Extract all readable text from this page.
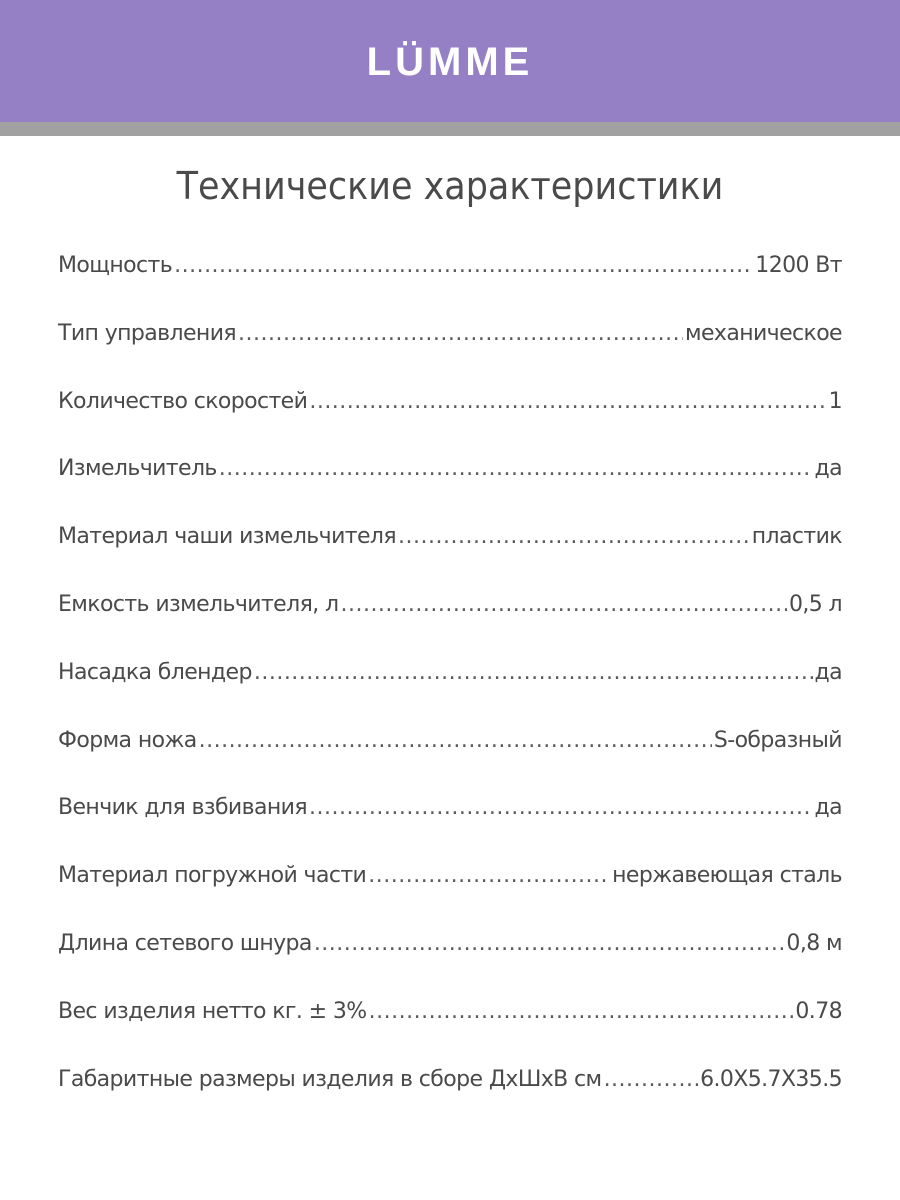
LÜMME
Технические характеристики
Мощность .....	1200 Вт
Тип управления .....	механическое
Количество скоростей .....	1
Измельчитель .....	да
Материал чаши измельчителя .....	пластик
Емкость измельчителя, л .....	0,5 л
Насадка блендер .....	да
Форма ножа .....	S-образный
Венчик для взбивания .....	да
Материал погружной части .....	нержавеющая сталь
Длина сетевого шнура .....	0,8 м
Вес изделия нетто кг. ± 3% .....	0.78
Габаритные размеры изделия в сборе ДхШхВ см .....	6.0X5.7X35.5
